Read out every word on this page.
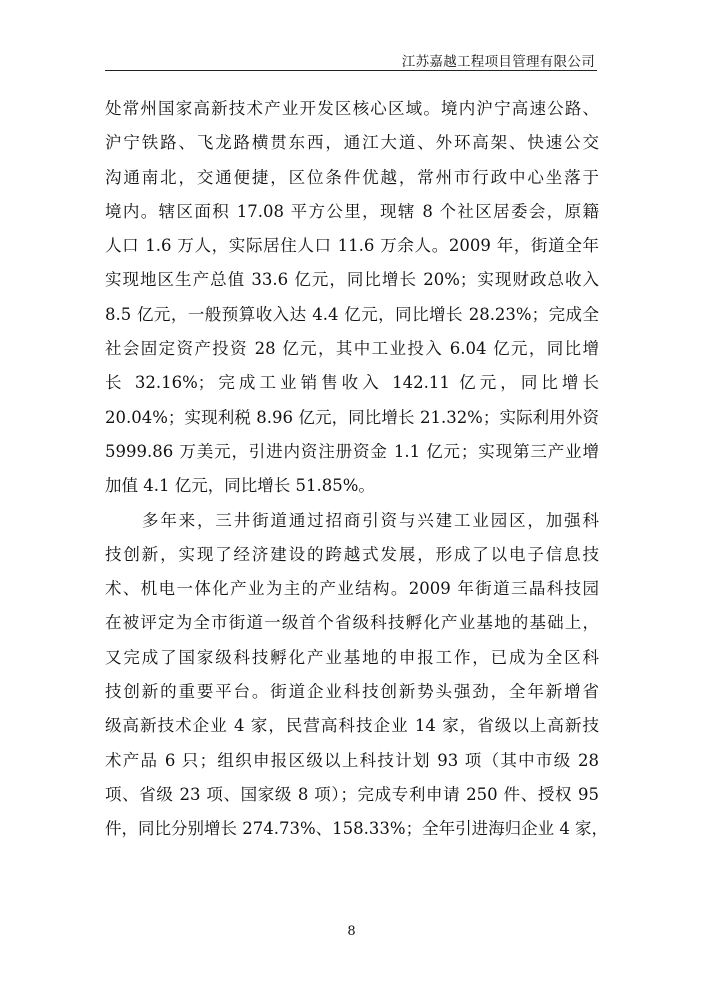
江苏嘉越工程项目管理有限公司
处常州国家高新技术产业开发区核心区域。境内沪宁高速公路、
沪宁铁路、飞龙路横贯东西，通江大道、外环高架、快速公交
沟通南北，交通便捷，区位条件优越，常州市行政中心坐落于
境内。辖区面积 17.08 平方公里，现辖 8 个社区居委会，原籍
人口 1.6 万人，实际居住人口 11.6 万余人。2009 年，街道全年
实现地区生产总值 33.6 亿元，同比增长 20%；实现财政总收入
8.5 亿元，一般预算收入达 4.4 亿元，同比增长 28.23%；完成全
社会固定资产投资 28 亿元，其中工业投入 6.04 亿元，同比增
长 32.16%；完成工业销售收入 142.11 亿元，同比增长
20.04%；实现利税 8.96 亿元，同比增长 21.32%；实际利用外资
5999.86 万美元，引进内资注册资金 1.1 亿元；实现第三产业增
加值 4.1 亿元，同比增长 51.85%。
多年来，三井街道通过招商引资与兴建工业园区，加强科
技创新，实现了经济建设的跨越式发展，形成了以电子信息技
术、机电一体化产业为主的产业结构。2009 年街道三晶科技园
在被评定为全市街道一级首个省级科技孵化产业基地的基础上，
又完成了国家级科技孵化产业基地的申报工作，已成为全区科
技创新的重要平台。街道企业科技创新势头强劲，全年新增省
级高新技术企业 4 家，民营高科技企业 14 家，省级以上高新技
术产品 6 只；组织申报区级以上科技计划 93 项（其中市级 28
项、省级 23 项、国家级 8 项）；完成专利申请 250 件、授权 95
件，同比分别增长 274.73%、158.33%；全年引进海归企业 4 家，
8
